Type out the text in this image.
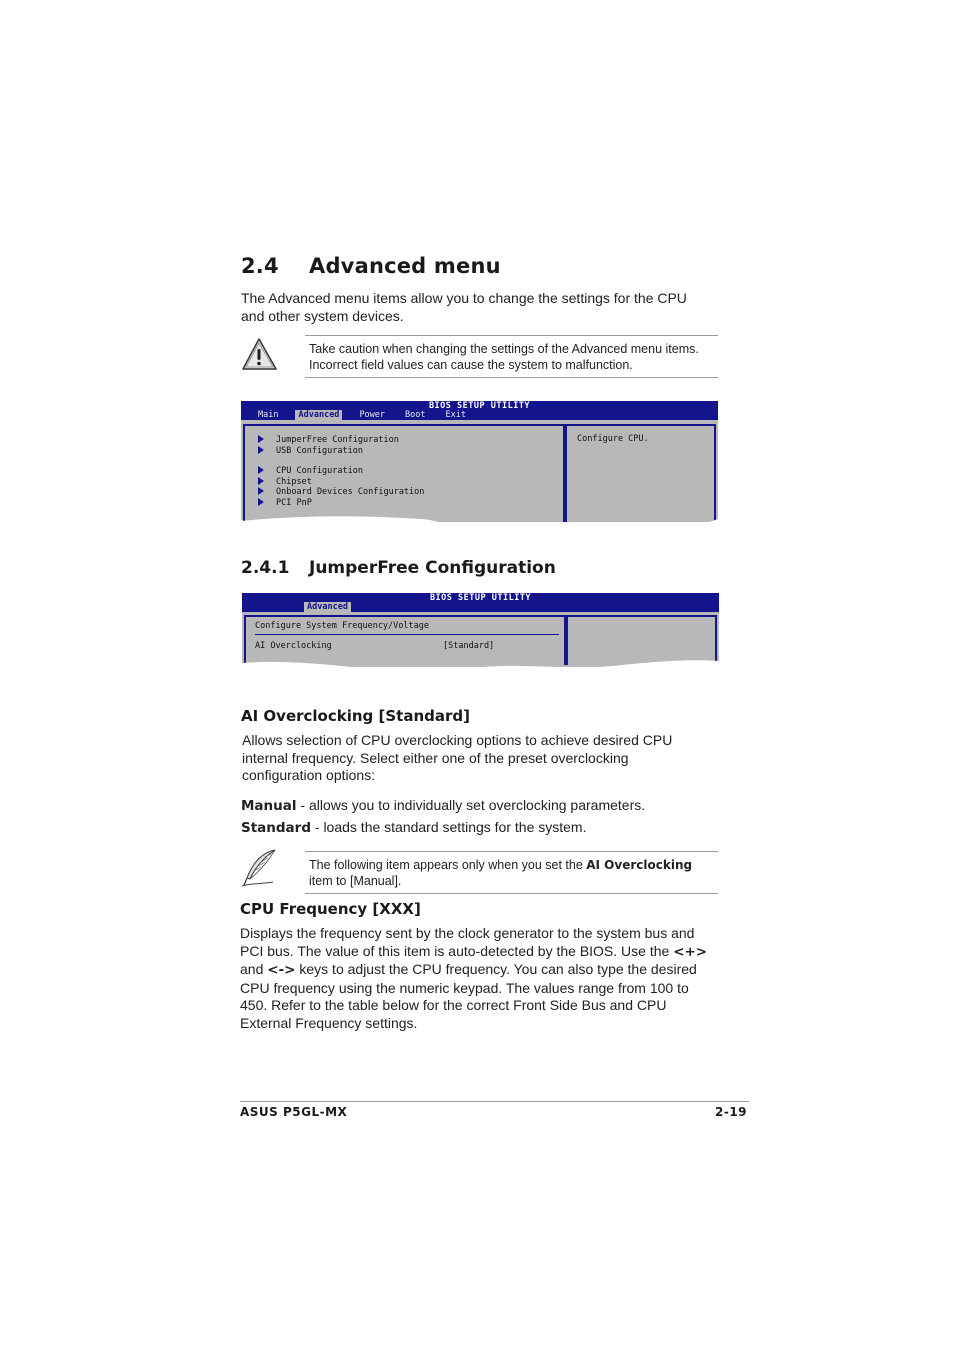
2.4 Advanced menu
The Advanced menu items allow you to change the settings for the CPU and other system devices.
Take caution when changing the settings of the Advanced menu items.
Incorrect field values can cause the system to malfunction.
BIOS SETUP UTILITY
Main Advanced Power Boot Exit
JumperFree Configuration
USB Configuration
CPU Configuration
Chipset
Onboard Devices Configuration
PCI PnP
Configure CPU.
2.4.1 JumperFree Configuration
BIOS SETUP UTILITY
Advanced
Configure System Frequency/Voltage
AI Overclocking	[Standard]
AI Overclocking [Standard]
Allows selection of CPU overclocking options to achieve desired CPU
internal frequency. Select either one of the preset overclocking
configuration options:
Manual - allows you to individually set overclocking parameters.
Standard - loads the standard settings for the system.
The following item appears only when you set the AI Overclocking
item to [Manual].
CPU Frequency [XXX]
Displays the frequency sent by the clock generator to the system bus and
PCI bus. The value of this item is auto-detected by the BIOS. Use the <+>
and <-> keys to adjust the CPU frequency. You can also type the desired
CPU frequency using the numeric keypad. The values range from 100 to
450. Refer to the table below for the correct Front Side Bus and CPU
External Frequency settings.
ASUS P5GL-MX	2-19
